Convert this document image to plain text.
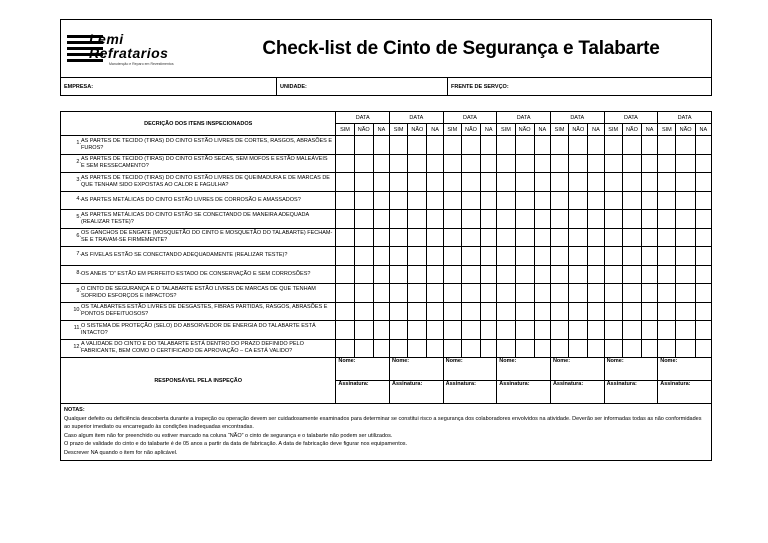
Lemi
Refratarios
Manutenção e Reparo em Revestimentos
	Check-list de Cinto de Segurança e Talabarte
EMPRESA:	UNIDADE:	FRENTE DE SERVÇO:
DECRIÇÃO DOS ITENS INSPECIONADOS	DATA			DATA			DATA			DATA			DATA			DATA			DATA		
	SIM	NÃO	NA	SIM	NÃO	NA	SIM	NÃO	NA	SIM	NÃO	NA	SIM	NÃO	NA	SIM	NÃO	NA	SIM	NÃO	NA

1. AS PARTES DE TECIDO (TIRAS) DO CINTO ESTÃO LIVRES DE CORTES, RASGOS, ABRASÕES E FUROS?																					

2. AS PARTES DE TECIDO (TIRAS) DO CINTO ESTÃO SECAS, SEM MOFOS E ESTÃO MALEÁVEIS E SEM RESSECAMENTO?																					

3. AS PARTES DE TECIDO (TIRAS) DO CINTO ESTÃO LIVRES DE QUEIMADURA E DE MARCAS DE QUE TENHAM SIDO EXPOSTAS AO CALOR E FAGULHA?																					

4. AS PARTES METÁLICAS DO CINTO ESTÃO LIVRES DE CORROSÃO E AMASSADOS?																					

5. AS PARTES METÁLICAS DO CINTO ESTÃO SE CONECTANDO DE MANEIRA ADEQUADA (REALIZAR TESTE)?																					

6. OS GANCHOS DE ENGATE (MOSQUETÃO DO CINTO E MOSQUETÃO DO TALABARTE) FECHAM-SE E TRAVAM-SE FIRMEMENTE?																					

7. AS FIVELAS ESTÃO SE CONECTANDO ADEQUADAMENTE (REALIZAR TESTE)?																					

8. OS ANEIS “D” ESTÃO EM PERFEITO ESTADO DE CONSERVAÇÃO E SEM CORROSÕES?																					

9. O CINTO DE SEGURANÇA E O TALABARTE ESTÃO LIVRES DE MARCAS DE QUE TENHAM SOFRIDO ESFORÇOS E IMPACTOS?																					

10. OS TALABARTES ESTÃO LIVRES DE DESGASTES, FIBRAS PARTIDAS, RASGOS, ABRASÕES E PONTOS DEFEITUOSOS?																					

11. O SISTEMA DE PROTEÇÃO (SELO) DO ABSORVEDOR DE ENERGIA DO TALABARTE ESTÁ INTACTO?																					

12. A VALIDADE DO CINTO E DO TALABARTE ESTÁ DENTRO DO PRAZO DEFINIDO PELO FABRICANTE, BEM COMO O CERTIFICADO DE APROVAÇÃO – CA ESTÁ VALIDO?																					

RESPONSÁVEL PELA INSPEÇÃO	Nome:			Nome:			Nome:			Nome:			Nome:			Nome:			Nome:		
	Assinatura:			Assinatura:			Assinatura:			Assinatura:			Assinatura:			Assinatura:			Assinatura:		
NOTAS:
Qualquer defeito ou deficiência descoberta durante a inspeção ou operação devem ser cuidadosamente examinados para determinar se constitui risco a segurança dos colaboradores envolvidos na atividade. Deverão ser informadas todas as não conformidades ao superior imediato ou encarregado às condições inadequadas encontradas.
Caso algum item não for preenchido ou estiver marcado na coluna “NÃO” o cinto de segurança e o talabarte não podem ser utilizados.
O prazo de validade do cinto e do talabarte é de 05 anos a partir da data de fabricação. A data de fabricação deve figurar nos equipamentos.
Descrever NA quando o item for não aplicável.
